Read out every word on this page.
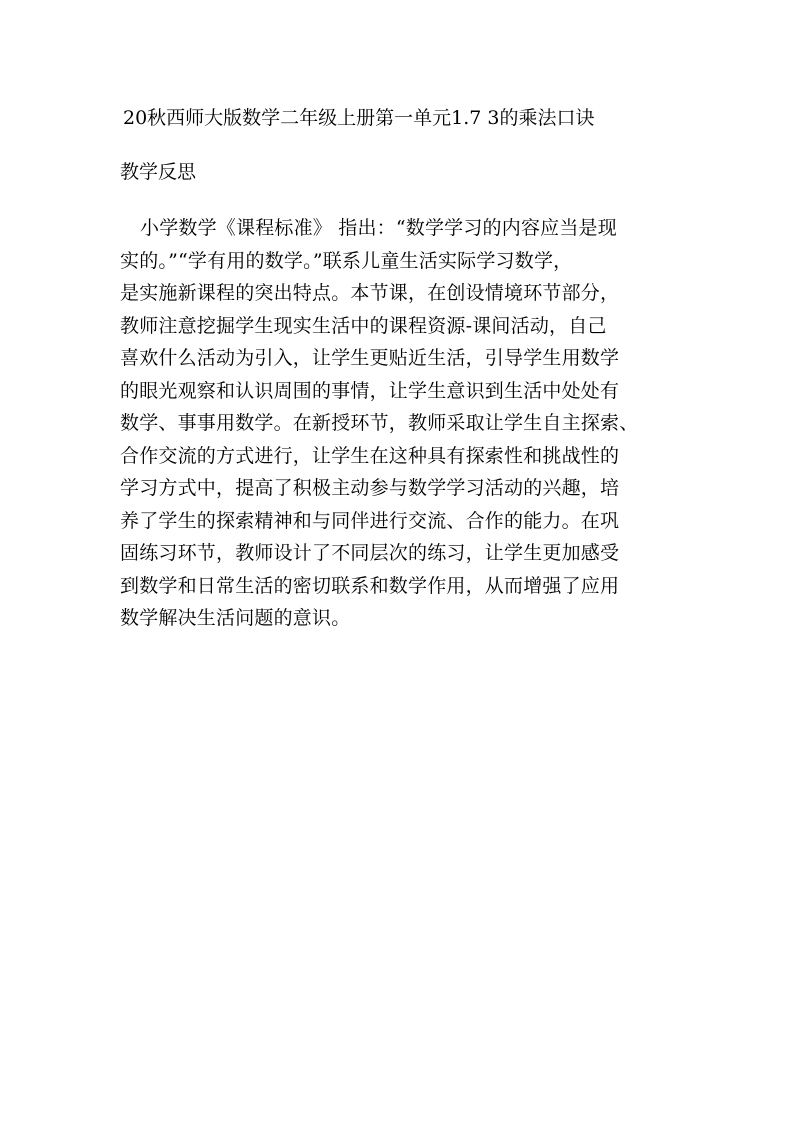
20秋西师大版数学二年级上册第一单元1.7 3的乘法口诀
教学反思
小学数学《课程标准》 指出：“数学学习的内容应当是现
实的。”“学有用的数学。”联系儿童生活实际学习数学，
是实施新课程的突出特点。本节课，在创设情境环节部分，
教师注意挖掘学生现实生活中的课程资源-课间活动，自己
喜欢什么活动为引入，让学生更贴近生活，引导学生用数学
的眼光观察和认识周围的事情，让学生意识到生活中处处有
数学、事事用数学。在新授环节，教师采取让学生自主探索、
合作交流的方式进行，让学生在这种具有探索性和挑战性的
学习方式中，提高了积极主动参与数学学习活动的兴趣，培
养了学生的探索精神和与同伴进行交流、合作的能力。在巩
固练习环节，教师设计了不同层次的练习，让学生更加感受
到数学和日常生活的密切联系和数学作用，从而增强了应用
数学解决生活问题的意识。
